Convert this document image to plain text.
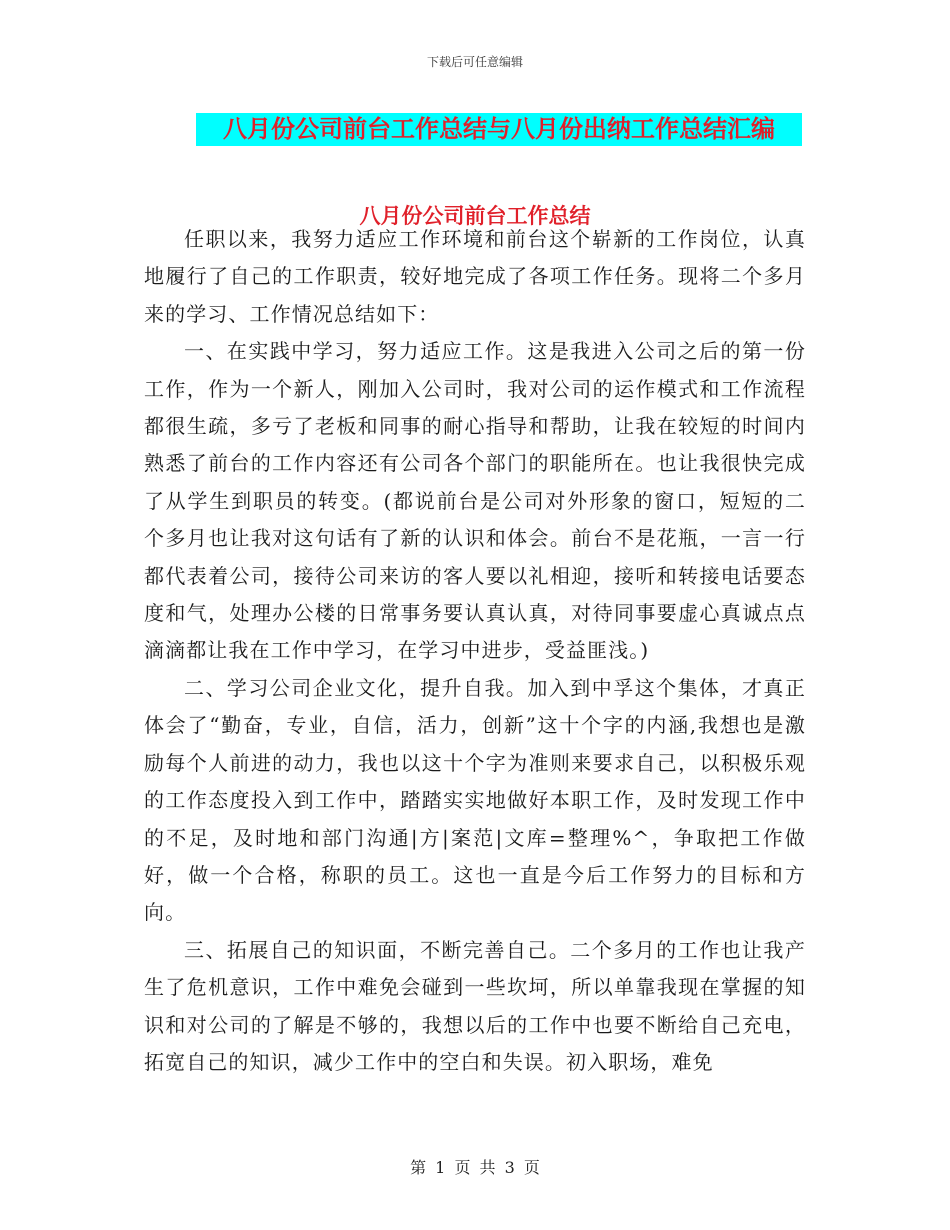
下载后可任意编辑
八月份公司前台工作总结与八月份出纳工作总结汇编
八月份公司前台工作总结

任职以来，我努力适应工作环境和前台这个崭新的工作岗位，认真地履行了自己的工作职责，较好地完成了各项工作任务。现将二个多月来的学习、工作情况总结如下：

一、在实践中学习，努力适应工作。这是我进入公司之后的第一份工作，作为一个新人，刚加入公司时，我对公司的运作模式和工作流程都很生疏，多亏了老板和同事的耐心指导和帮助，让我在较短的时间内熟悉了前台的工作内容还有公司各个部门的职能所在。也让我很快完成了从学生到职员的转变。(都说前台是公司对外形象的窗口，短短的二个多月也让我对这句话有了新的认识和体会。前台不是花瓶，一言一行都代表着公司，接待公司来访的客人要以礼相迎，接听和转接电话要态度和气，处理办公楼的日常事务要认真认真，对待同事要虚心真诚点点滴滴都让我在工作中学习，在学习中进步，受益匪浅。)

二、学习公司企业文化，提升自我。加入到中孚这个集体，才真正体会了“勤奋，专业，自信，活力，创新”这十个字的内涵,我想也是激励每个人前进的动力，我也以这十个字为准则来要求自己，以积极乐观的工作态度投入到工作中，踏踏实实地做好本职工作，及时发现工作中的不足，及时地和部门沟通|方|案范|文库=整理%^，争取把工作做好，做一个合格，称职的员工。这也一直是今后工作努力的目标和方向。

三、拓展自己的知识面，不断完善自己。二个多月的工作也让我产生了危机意识，工作中难免会碰到一些坎坷，所以单靠我现在掌握的知识和对公司的了解是不够的，我想以后的工作中也要不断给自己充电，拓宽自己的知识，减少工作中的空白和失误。初入职场，难免

第 1 页 共 3 页
